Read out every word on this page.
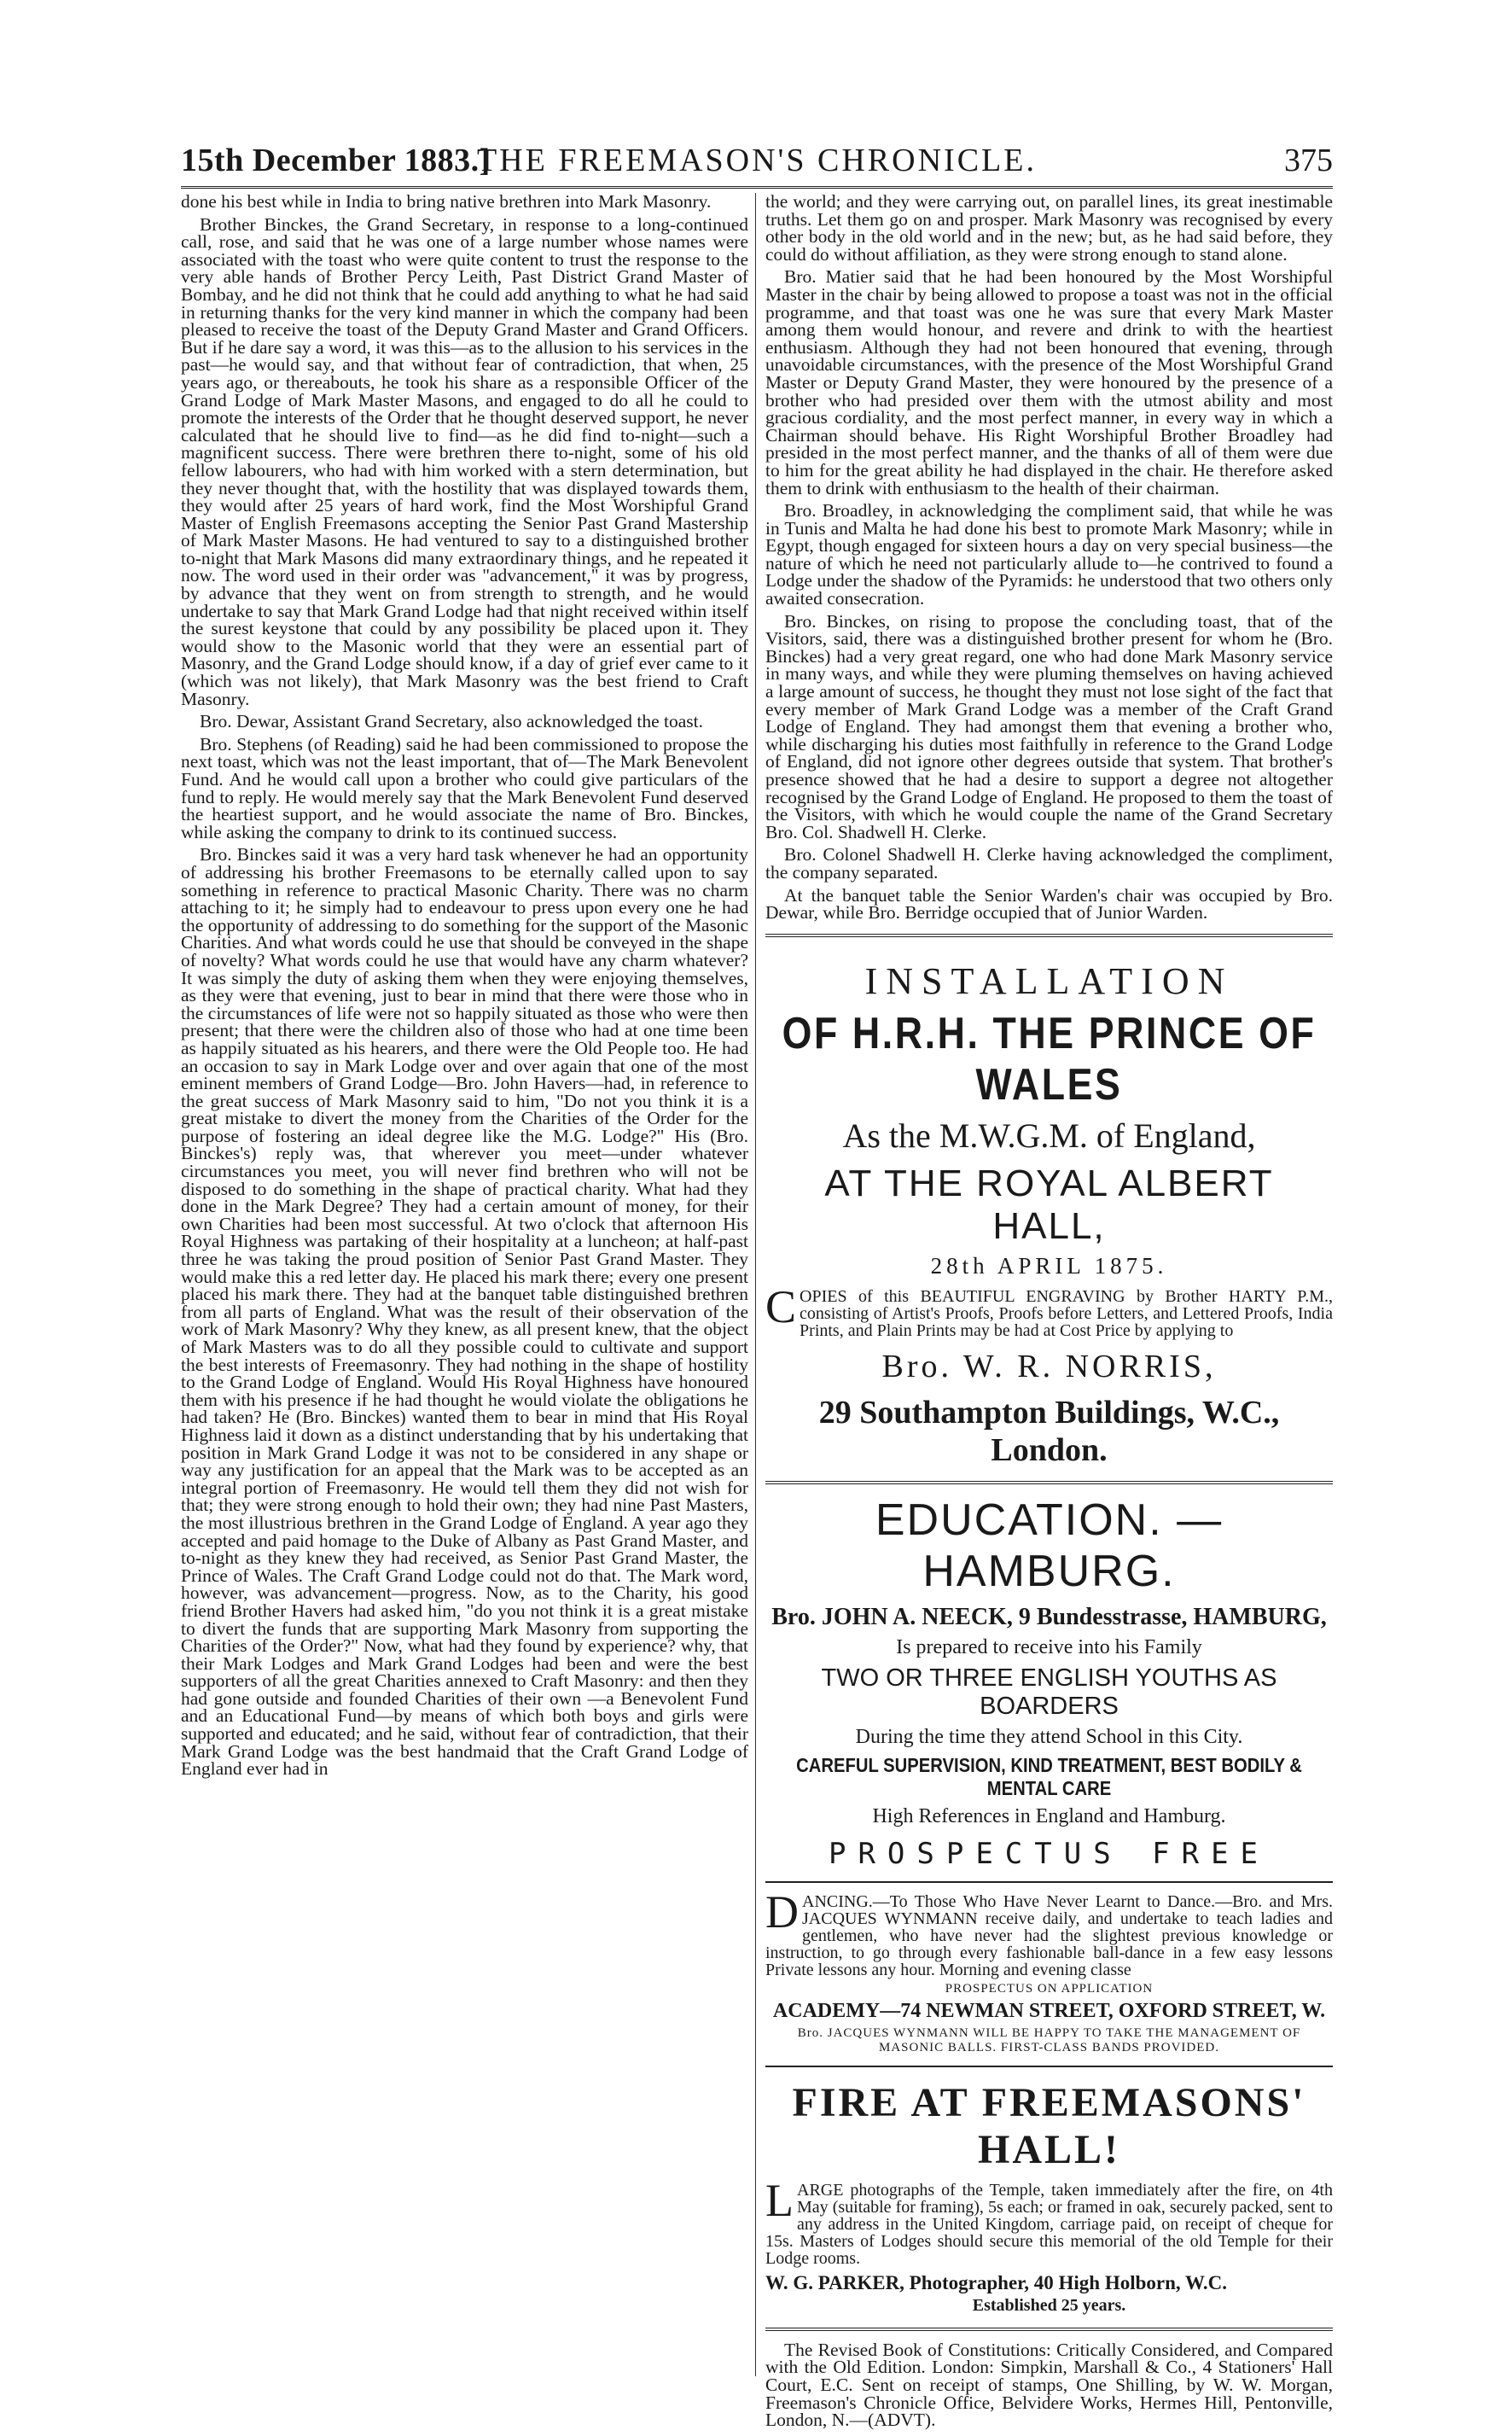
15th December 1883.]
THE FREEMASON'S CHRONICLE.	375

done his best while in India to bring native brethren into Mark Masonry.

Brother Binckes, the Grand Secretary, in response to a long-continued call, rose, and said that he was one of a large number whose names were associated with the toast who were quite content to trust the response to the very able hands of Brother Percy Leith, Past District Grand Master of Bombay, and he did not think that he could add anything to what he had said in returning thanks for the very kind manner in which the company had been pleased to receive the toast of the Deputy Grand Master and Grand Officers. But if he dare say a word, it was this—as to the allusion to his services in the past—he would say, and that without fear of contradiction, that when, 25 years ago, or thereabouts, he took his share as a responsible Officer of the Grand Lodge of Mark Master Masons, and engaged to do all he could to promote the interests of the Order that he thought deserved support, he never calculated that he should live to find—as he did find to-night—such a magnificent success. There were brethren there to-night, some of his old fellow labourers, who had with him worked with a stern determination, but they never thought that, with the hostility that was displayed towards them, they would after 25 years of hard work, find the Most Worshipful Grand Master of English Freemasons accepting the Senior Past Grand Mastership of Mark Master Masons. He had ventured to say to a distinguished brother to-night that Mark Masons did many extraordinary things, and he repeated it now. The word used in their order was "advancement," it was by progress, by advance that they went on from strength to strength, and he would undertake to say that Mark Grand Lodge had that night received within itself the surest keystone that could by any possibility be placed upon it. They would show to the Masonic world that they were an essential part of Masonry, and the Grand Lodge should know, if a day of grief ever came to it (which was not likely), that Mark Masonry was the best friend to Craft Masonry.

Bro. Dewar, Assistant Grand Secretary, also acknowledged the toast.

Bro. Stephens (of Reading) said he had been commissioned to propose the next toast, which was not the least important, that of—The Mark Benevolent Fund. And he would call upon a brother who could give particulars of the fund to reply. He would merely say that the Mark Benevolent Fund deserved the heartiest support, and he would associate the name of Bro. Binckes, while asking the company to drink to its continued success.

Bro. Binckes said it was a very hard task whenever he had an opportunity of addressing his brother Freemasons to be eternally called upon to say something in reference to practical Masonic Charity. There was no charm attaching to it; he simply had to endeavour to press upon every one he had the opportunity of addressing to do something for the support of the Masonic Charities. And what words could he use that should be conveyed in the shape of novelty? What words could he use that would have any charm whatever? It was simply the duty of asking them when they were enjoying themselves, as they were that evening, just to bear in mind that there were those who in the circumstances of life were not so happily situated as those who were then present; that there were the children also of those who had at one time been as happily situated as his hearers, and there were the Old People too. He had an occasion to say in Mark Lodge over and over again that one of the most eminent members of Grand Lodge—Bro. John Havers—had, in reference to the great success of Mark Masonry said to him, "Do not you think it is a great mistake to divert the money from the Charities of the Order for the purpose of fostering an ideal degree like the M.G. Lodge?" His (Bro. Binckes's) reply was, that wherever you meet—under whatever circumstances you meet, you will never find brethren who will not be disposed to do something in the shape of practical charity. What had they done in the Mark Degree? They had a certain amount of money, for their own Charities had been most successful. At two o'clock that afternoon His Royal Highness was partaking of their hospitality at a luncheon; at half-past three he was taking the proud position of Senior Past Grand Master. They would make this a red letter day. He placed his mark there; every one present placed his mark there. They had at the banquet table distinguished brethren from all parts of England. What was the result of their observation of the work of Mark Masonry? Why they knew, as all present knew, that the object of Mark Masters was to do all they possible could to cultivate and support the best interests of Freemasonry. They had nothing in the shape of hostility to the Grand Lodge of England. Would His Royal Highness have honoured them with his presence if he had thought he would violate the obligations he had taken? He (Bro. Binckes) wanted them to bear in mind that His Royal Highness laid it down as a distinct understanding that by his undertaking that position in Mark Grand Lodge it was not to be considered in any shape or way any justification for an appeal that the Mark was to be accepted as an integral portion of Freemasonry. He would tell them they did not wish for that; they were strong enough to hold their own; they had nine Past Masters, the most illustrious brethren in the Grand Lodge of England. A year ago they accepted and paid homage to the Duke of Albany as Past Grand Master, and to-night as they knew they had received, as Senior Past Grand Master, the Prince of Wales. The Craft Grand Lodge could not do that. The Mark word, however, was advancement—progress. Now, as to the Charity, his good friend Brother Havers had asked him, "do you not think it is a great mistake to divert the funds that are supporting Mark Masonry from supporting the Charities of the Order?" Now, what had they found by experience? why, that their Mark Lodges and Mark Grand Lodges had been and were the best supporters of all the great Charities annexed to Craft Masonry: and then they had gone outside and founded Charities of their own —a Benevolent Fund and an Educational Fund—by means of which both boys and girls were supported and educated; and he said, without fear of contradiction, that their Mark Grand Lodge was the best handmaid that the Craft Grand Lodge of England ever had in

the world; and they were carrying out, on parallel lines, its great inestimable truths. Let them go on and prosper. Mark Masonry was recognised by every other body in the old world and in the new; but, as he had said before, they could do without affiliation, as they were strong enough to stand alone.

Bro. Matier said that he had been honoured by the Most Worshipful Master in the chair by being allowed to propose a toast was not in the official programme, and that toast was one he was sure that every Mark Master among them would honour, and revere and drink to with the heartiest enthusiasm. Although they had not been honoured that evening, through unavoidable circumstances, with the presence of the Most Worshipful Grand Master or Deputy Grand Master, they were honoured by the presence of a brother who had presided over them with the utmost ability and most gracious cordiality, and the most perfect manner, in every way in which a Chairman should behave. His Right Worshipful Brother Broadley had presided in the most perfect manner, and the thanks of all of them were due to him for the great ability he had displayed in the chair. He therefore asked them to drink with enthusiasm to the health of their chairman.

Bro. Broadley, in acknowledging the compliment said, that while he was in Tunis and Malta he had done his best to promote Mark Masonry; while in Egypt, though engaged for sixteen hours a day on very special business—the nature of which he need not particularly allude to—he contrived to found a Lodge under the shadow of the Pyramids: he understood that two others only awaited consecration.

Bro. Binckes, on rising to propose the concluding toast, that of the Visitors, said, there was a distinguished brother present for whom he (Bro. Binckes) had a very great regard, one who had done Mark Masonry service in many ways, and while they were pluming themselves on having achieved a large amount of success, he thought they must not lose sight of the fact that every member of Mark Grand Lodge was a member of the Craft Grand Lodge of England. They had amongst them that evening a brother who, while discharging his duties most faithfully in reference to the Grand Lodge of England, did not ignore other degrees outside that system. That brother's presence showed that he had a desire to support a degree not altogether recognised by the Grand Lodge of England. He proposed to them the toast of the Visitors, with which he would couple the name of the Grand Secretary Bro. Col. Shadwell H. Clerke.

Bro. Colonel Shadwell H. Clerke having acknowledged the compliment, the company separated.

At the banquet table the Senior Warden's chair was occupied by Bro. Dewar, while Bro. Berridge occupied that of Junior Warden.

INSTALLATION
OF H.R.H. THE PRINCE OF WALES
As the M.W.G.M. of England,
AT THE ROYAL ALBERT HALL,
28th APRIL 1875.
C OPIES of this BEAUTIFUL ENGRAVING by Brother HARTY P.M., consisting of Artist's Proofs, Proofs before Letters, and Lettered Proofs, India Prints, and Plain Prints may be had at Cost Price by applying to
Bro. W. R. NORRIS,
29 Southampton Buildings, W.C., London.
EDUCATION. — HAMBURG.
Bro. JOHN A. NEECK, 9 Bundesstrasse, HAMBURG,
Is prepared to receive into his Family
TWO OR THREE ENGLISH YOUTHS AS BOARDERS
During the time they attend School in this City.
CAREFUL SUPERVISION, KIND TREATMENT, BEST BODILY & MENTAL CARE
High References in England and Hamburg.
PROSPECTUS FREE
D ANCING.—To Those Who Have Never Learnt to Dance.—Bro. and Mrs. JACQUES WYNMANN receive daily, and undertake to teach ladies and gentlemen, who have never had the slightest previous knowledge or instruction, to go through every fashionable ball-dance in a few easy lessons Private lessons any hour. Morning and evening classe
PROSPECTUS ON APPLICATION
ACADEMY—74 NEWMAN STREET, OXFORD STREET, W.
Bro. JACQUES WYNMANN WILL BE HAPPY TO TAKE THE MANAGEMENT OF MASONIC BALLS. FIRST-CLASS BANDS PROVIDED.
FIRE AT FREEMASONS' HALL!
L ARGE photographs of the Temple, taken immediately after the fire, on 4th May (suitable for framing), 5s each; or framed in oak, securely packed, sent to any address in the United Kingdom, carriage paid, on receipt of cheque for 15s. Masters of Lodges should secure this memorial of the old Temple for their Lodge rooms.
W. G. PARKER, Photographer, 40 High Holborn, W.C.
Established 25 years.

The Revised Book of Constitutions: Critically Considered, and Compared with the Old Edition. London: Simpkin, Marshall & Co., 4 Stationers' Hall Court, E.C. Sent on receipt of stamps, One Shilling, by W. W. Morgan, Freemason's Chronicle Office, Belvidere Works, Hermes Hill, Pentonville, London, N.—(ADVT).
